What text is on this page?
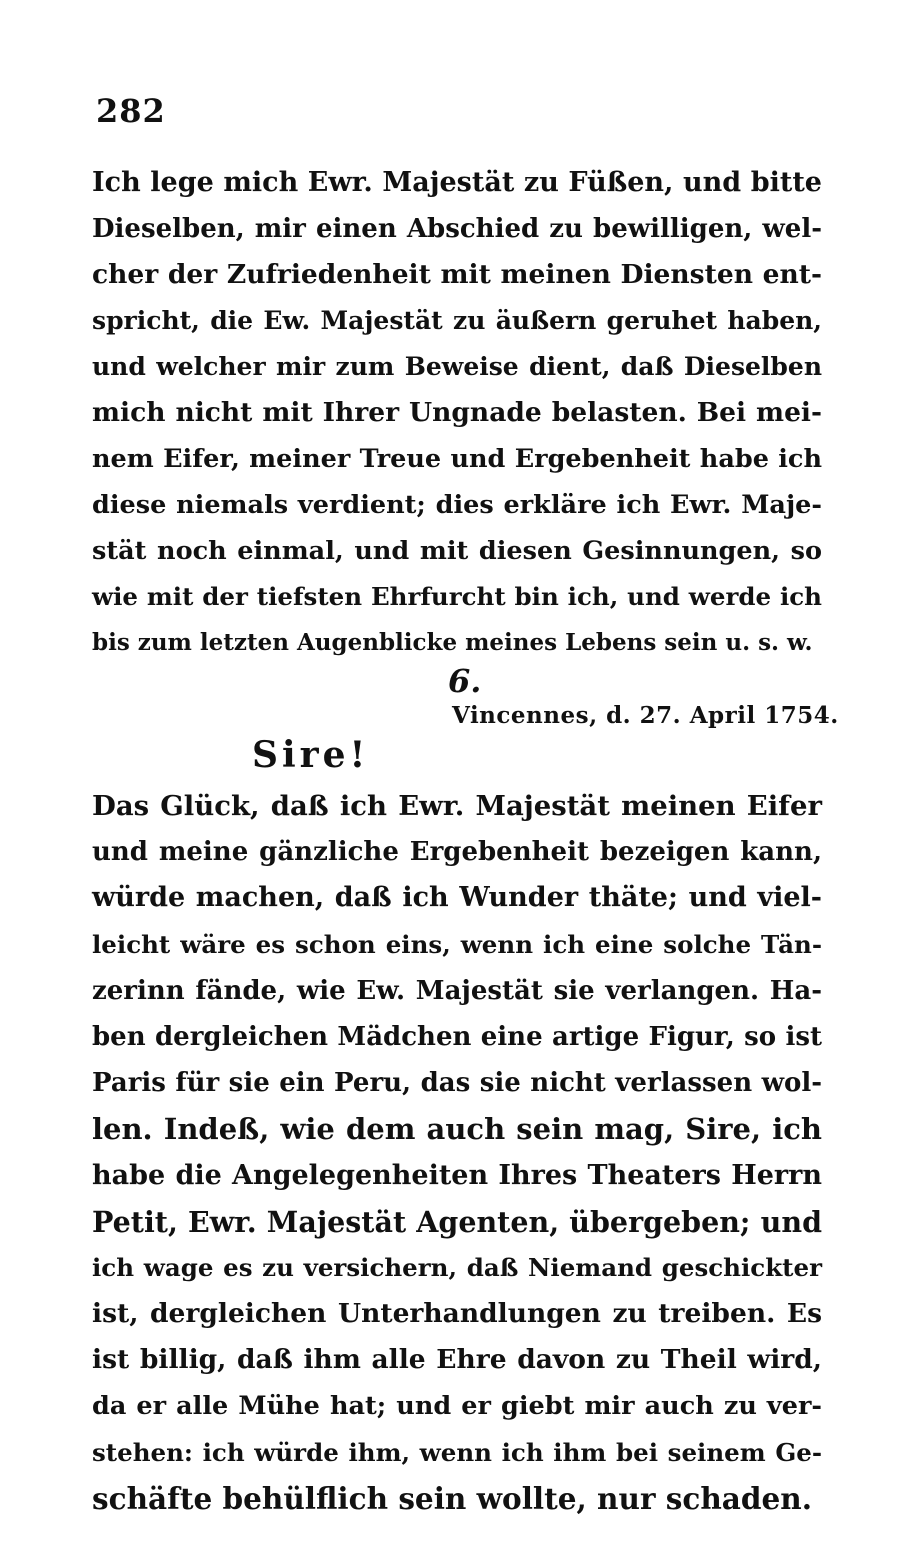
282
Ich lege mich Ewr. Majestät zu Füßen, und bitte
Dieselben, mir einen Abschied zu bewilligen, wel-
cher der Zufriedenheit mit meinen Diensten ent-
spricht, die Ew. Majestät zu äußern geruhet haben,
und welcher mir zum Beweise dient, daß Dieselben
mich nicht mit Ihrer Ungnade belasten. Bei mei-
nem Eifer, meiner Treue und Ergebenheit habe ich
diese niemals verdient; dies erkläre ich Ewr. Maje-
stät noch einmal, und mit diesen Gesinnungen, so
wie mit der tiefsten Ehrfurcht bin ich, und werde ich
bis zum letzten Augenblicke meines Lebens sein u. s. w.
6.
Vincennes, d. 27. April 1754.
Sire!
Das Glück, daß ich Ewr. Majestät meinen Eifer
und meine gänzliche Ergebenheit bezeigen kann,
würde machen, daß ich Wunder thäte; und viel-
leicht wäre es schon eins, wenn ich eine solche Tän-
zerinn fände, wie Ew. Majestät sie verlangen. Ha-
ben dergleichen Mädchen eine artige Figur, so ist
Paris für sie ein Peru, das sie nicht verlassen wol-
len. Indeß, wie dem auch sein mag, Sire, ich
habe die Angelegenheiten Ihres Theaters Herrn
Petit, Ewr. Majestät Agenten, übergeben; und
ich wage es zu versichern, daß Niemand geschickter
ist, dergleichen Unterhandlungen zu treiben. Es
ist billig, daß ihm alle Ehre davon zu Theil wird,
da er alle Mühe hat; und er giebt mir auch zu ver-
stehen: ich würde ihm, wenn ich ihm bei seinem Ge-
schäfte behülflich sein wollte, nur schaden.
